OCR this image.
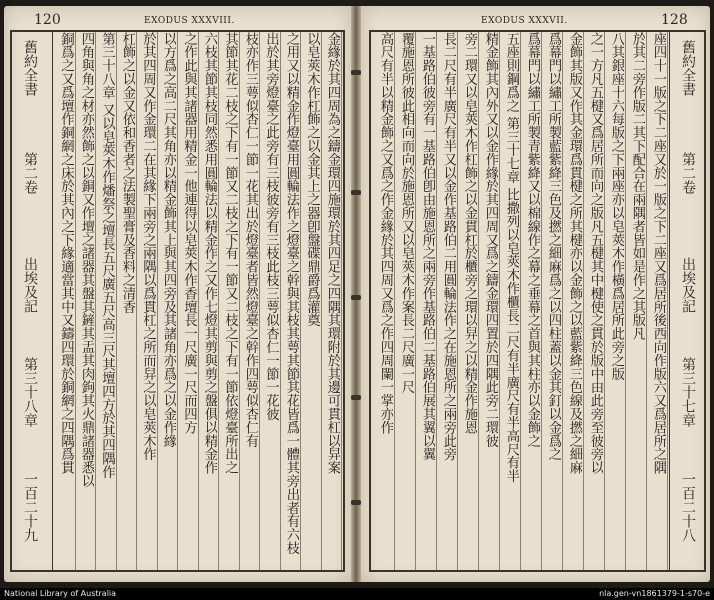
120	EXODUS XXXVIII.
舊約全書
第二卷
出埃及記
第三十八章
一百二十九
金緣於其四周為之鑄金環四施環於其四足之四隅其環附於其邊可貫杠以舁案
以皂莢木作杠飾之以金其上之器卽盤碟鼎爵爲灌奠
之用又以精金作燈臺用圓輪法作之燈臺之幹與其枝其萼其節其花皆爲一體其旁出者有六枝
出於其旁燈臺之此旁有三枝彼旁有三枝此枝三萼似杏仁一節一花彼
枝亦作三萼似杏仁一節一花其出於燈臺者皆然燈臺之幹作四萼似杏仁有
其節其花二枝之下有一節又二枝之下有一節又二枝之下有一節依燈臺所出之
六枝其節其枝同然悉用圓輪法以精金作之又作七燈其剪與剪之盤俱以精金作
之作此與其諸器用精金一他連得以皂莢木作香壇長一尺廣一尺而四方
以方爲之高二尺其角亦以精金飾其上與其四旁及其諸角亦爲之以金作緣
於其四周又作金環二在其緣下兩旁之兩隅以爲貫杠之所而舁之以皂莢木作
杠飾之以金又依和香者之法製聖膏及香料之清香
第三十八章 又以皂莢木作燔祭之壇長五尺廣五尺高三尺其壇四方於其四隅作
四角與角之材亦然飾之以銅又作壇之諸器其盤其鏟其盂其肉鉤其火鼎諸器悉以
銅爲之又爲壇作銅網之床於其內之下緣適當其中又鑄四環於銅網之四隅爲貫
EXODUS XXXVII.	128
座四十一版之下二座又於一版之下二座又爲居所後西向作版六又爲居所之隅
於其二旁作版二其下配合在兩隅者皆如是作之其版凡
八其銀座十六每版之下兩座亦以皂莢木作橫爲居所此旁之版
之一方凡五楗又爲居所而向之版凡五楗其中楗使之貫於版中由此旁至彼旁以
金飾其版又作其金環爲貫楗之所其楗亦以金飾之以藍紫絳三色線及撚之細麻
爲幕門以繡工所製藍紫絳三色及撚之細麻爲之以四柱蓋以金其釘以金爲之
爲幕門以繡工所製青紫絳又以棉線作之幕之垂幕之首與其柱亦以金飾之
五座則鋼爲之 第三十七章 比撒列以皂莢木作櫃長二尺有半廣尺有半高尺有半
精金飾其內外又以金作緣於其四周又爲之鑄金環四置於四隅此旁二環彼
旁二環又以皂莢木作杠飾之以金貫杠於櫃旁之環以舁之以精金作施恩
長二尺有半廣尺有半又以金作基路伯二用圓輪法作之在施恩所之兩旁此旁
一基路伯彼旁有一基路伯卽由施恩所之兩旁作基路伯二基路伯展其翼以翼
覆施恩所彼此相向而向於施恩所又以皂莢木作案長二尺廣一尺
高尺有半以精金飾之又爲之作金緣於其四周又爲之作四周闌一掌亦作	舊約全書
第二卷
出埃及記
第三十七章
一百二十八
National Library of Australia	nla.gen-vn1861379-1-s70-e
